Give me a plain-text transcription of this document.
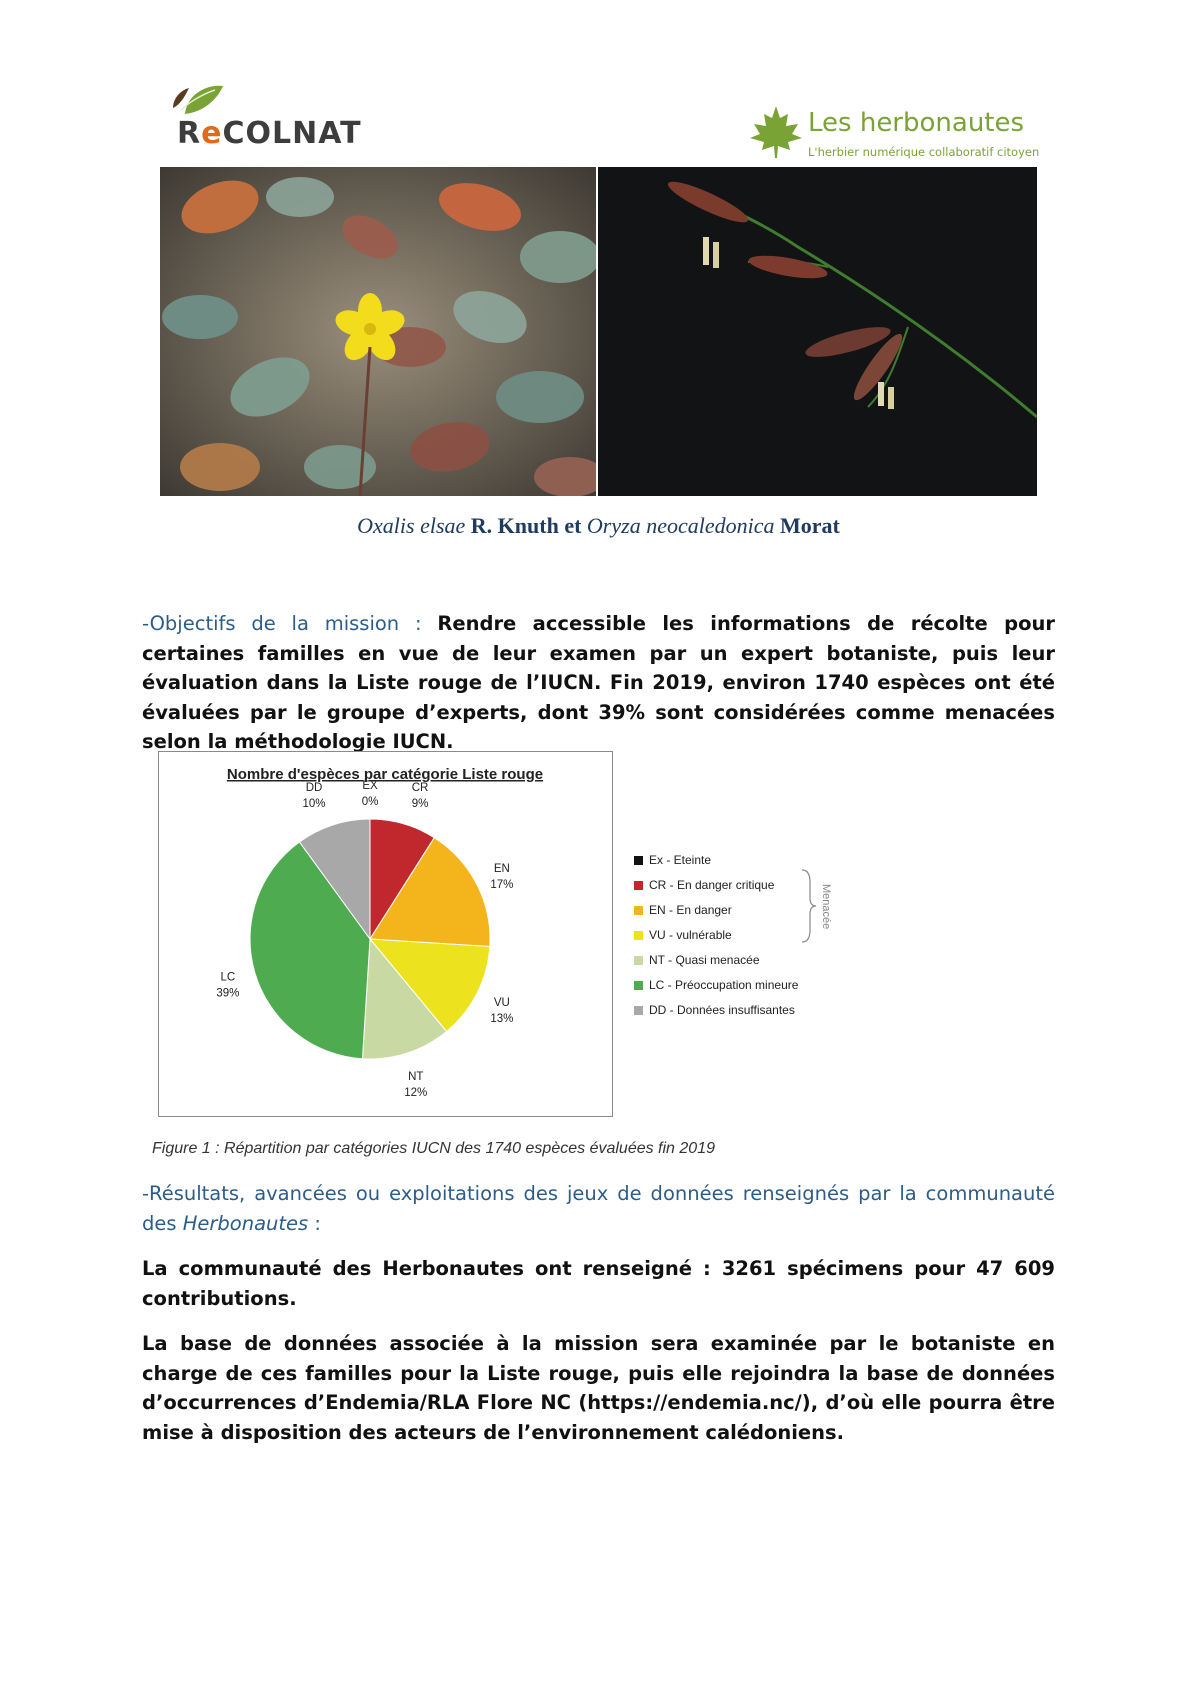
ReCOLNAT	Les herbonautes
L'herbier numérique collaboratif citoyen
Oxalis elsae R. Knuth et Oryza neocaledonica Morat
-Objectifs de la mission : Rendre accessible les informations de récolte pour certaines familles en vue de leur examen par un expert botaniste, puis leur évaluation dans la Liste rouge de l’IUCN. Fin 2019, environ 1740 espèces ont été évaluées par le groupe d’experts, dont 39% sont considérées comme menacées selon la méthodologie IUCN.
Nombre d'espèces par catégorie Liste rouge
EX
0%
CR
9%
EN
17%
VU
13%
NT
12%
LC
39%
DD
10%
Ex - Eteinte
CR - En danger critique
EN - En danger
VU - vulnérable
NT - Quasi menacée
LC - Préoccupation mineure
DD - Données insuffisantes
Menacée
Figure 1 : Répartition par catégories IUCN des 1740 espèces évaluées fin 2019
-Résultats, avancées ou exploitations des jeux de données renseignés par la communauté des Herbonautes :
La communauté des Herbonautes ont renseigné : 3261 spécimens pour 47 609 contributions.
La base de données associée à la mission sera examinée par le botaniste en charge de ces familles pour la Liste rouge, puis elle rejoindra la base de données d’occurrences d’Endemia/RLA Flore NC (https://endemia.nc/), d’où elle pourra être mise à disposition des acteurs de l’environnement calédoniens.
